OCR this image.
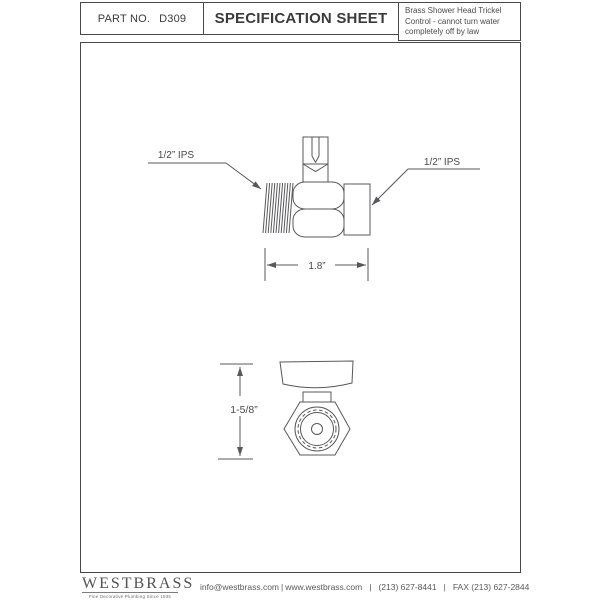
PART NO. D309 SPECIFICATION SHEET	Brass Shower Head Trickel Control - cannot turn water completely off by law
1/2” IPS
1/2” IPS
1.8”
1-5/8”
WESTBRASS
Fine Decorative Plumbing Since 1935
info@westbrass.com | www.westbrass.com | (213) 627-8441 | FAX (213) 627-2844
